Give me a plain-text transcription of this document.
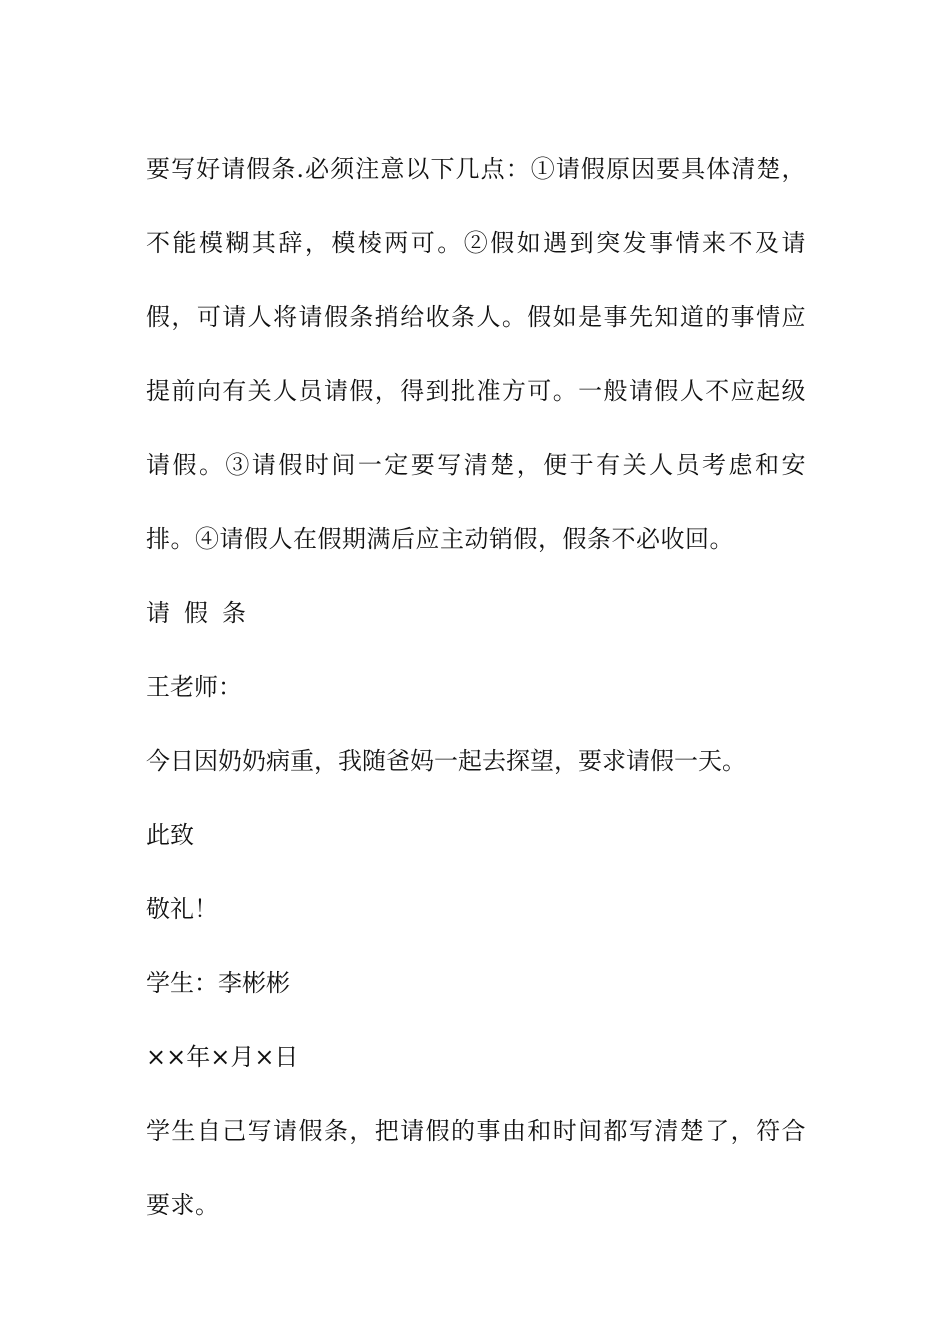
要写好请假条.必须注意以下几点：①请假原因要具体清楚，不能模糊其辞，模棱两可。②假如遇到突发事情来不及请假，可请人将请假条捎给收条人。假如是事先知道的事情应提前向有关人员请假，得到批准方可。一般请假人不应起级请假。③请假时间一定要写清楚，便于有关人员考虑和安排。④请假人在假期满后应主动销假，假条不必收回。

请假条

王老师：

今日因奶奶病重，我随爸妈一起去探望，要求请假一天。

此致

敬礼！

学生：李彬彬

××年×月×日

学生自己写请假条，把请假的事由和时间都写清楚了，符合要求。
